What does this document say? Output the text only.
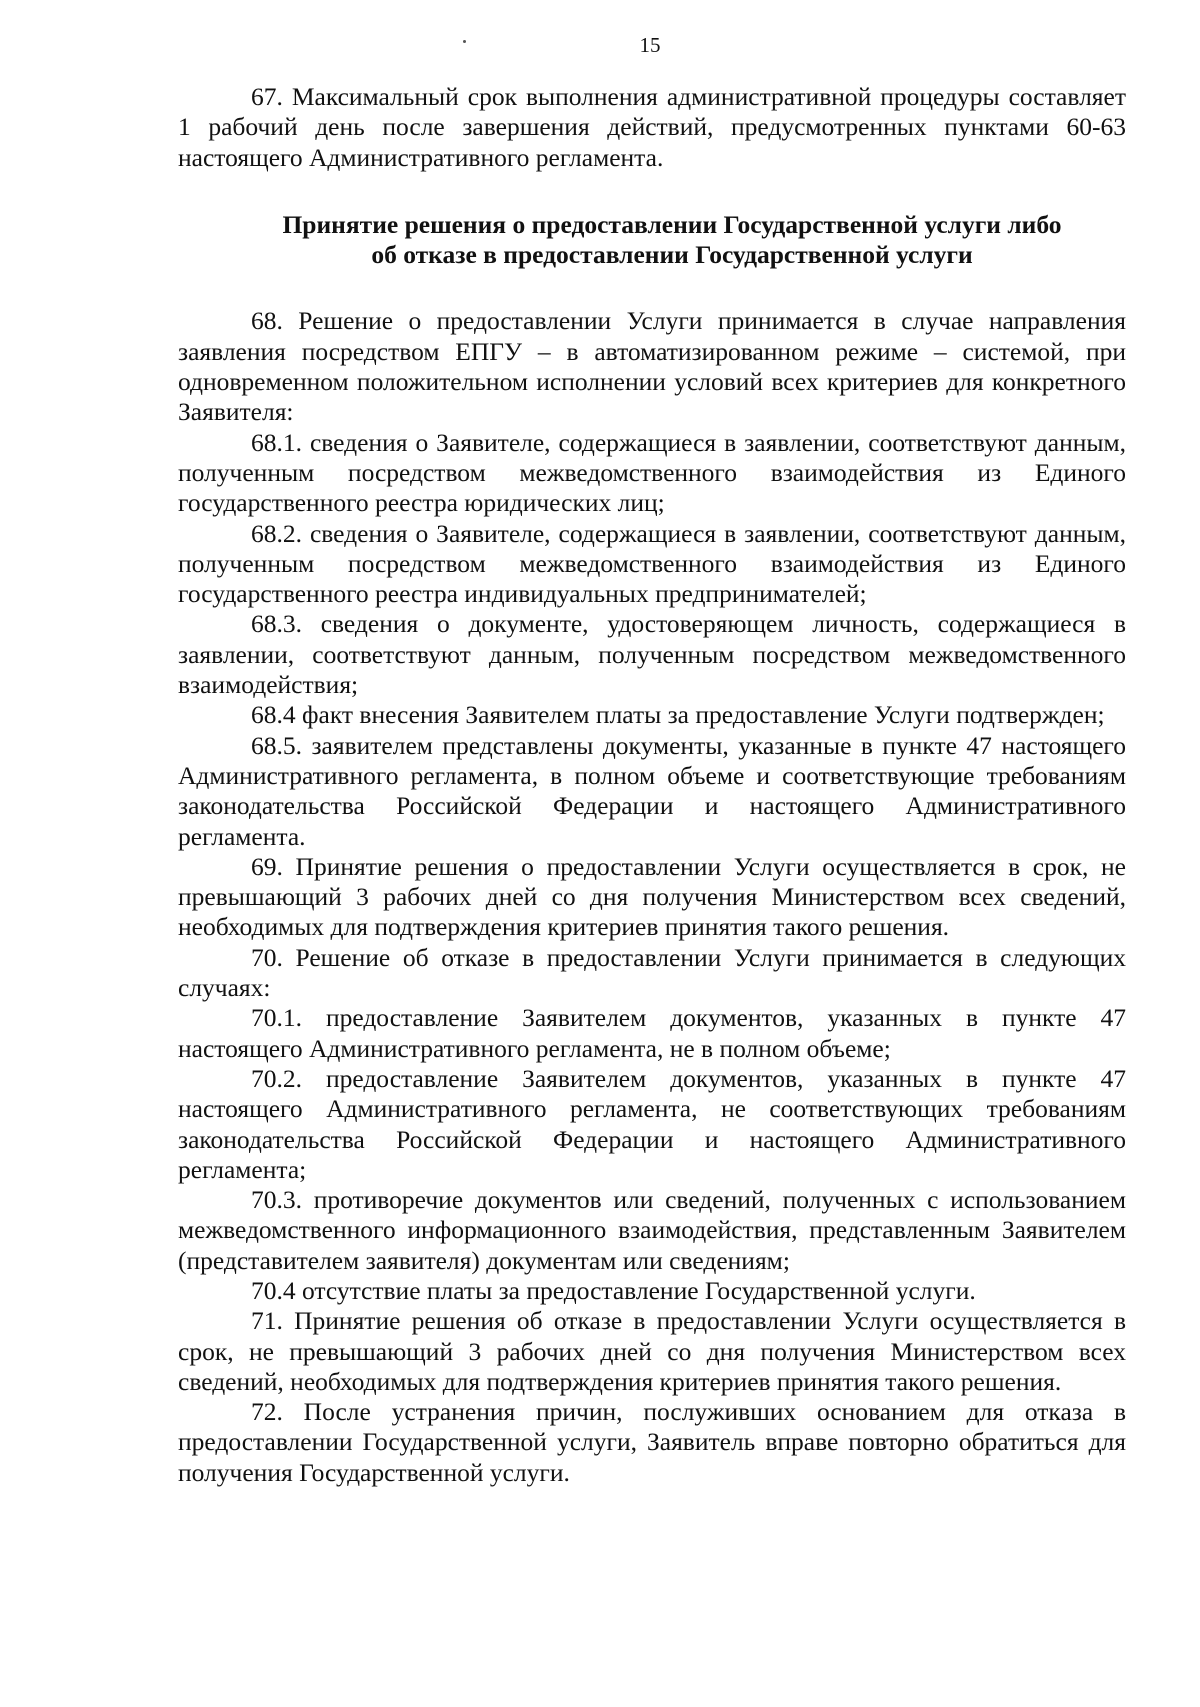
15

67. Максимальный срок выполнения административной процедуры составляет 1 рабочий день после завершения действий, предусмотренных пунктами 60-63 настоящего Административного регламента.

Принятие решения о предоставлении Государственной услуги либо
об отказе в предоставлении Государственной услуги

68. Решение о предоставлении Услуги принимается в случае направления заявления посредством ЕПГУ – в автоматизированном режиме – системой, при одновременном положительном исполнении условий всех критериев для конкретного Заявителя:

68.1. сведения о Заявителе, содержащиеся в заявлении, соответствуют данным, полученным посредством межведомственного взаимодействия из Единого государственного реестра юридических лиц;

68.2. сведения о Заявителе, содержащиеся в заявлении, соответствуют данным, полученным посредством межведомственного взаимодействия из Единого государственного реестра индивидуальных предпринимателей;

68.3. сведения о документе, удостоверяющем личность, содержащиеся в заявлении, соответствуют данным, полученным посредством межведомственного взаимодействия;

68.4 факт внесения Заявителем платы за предоставление Услуги подтвержден;

68.5. заявителем представлены документы, указанные в пункте 47 настоящего Административного регламента, в полном объеме и соответствующие требованиям законодательства Российской Федерации и настоящего Административного регламента.

69. Принятие решения о предоставлении Услуги осуществляется в срок, не превышающий 3 рабочих дней со дня получения Министерством всех сведений, необходимых для подтверждения критериев принятия такого решения.

70. Решение об отказе в предоставлении Услуги принимается в следующих случаях:

70.1. предоставление Заявителем документов, указанных в пункте 47 настоящего Административного регламента, не в полном объеме;

70.2. предоставление Заявителем документов, указанных в пункте 47 настоящего Административного регламента, не соответствующих требованиям законодательства Российской Федерации и настоящего Административного регламента;

70.3. противоречие документов или сведений, полученных с использованием межведомственного информационного взаимодействия, представленным Заявителем (представителем заявителя) документам или сведениям;

70.4 отсутствие платы за предоставление Государственной услуги.

71. Принятие решения об отказе в предоставлении Услуги осуществляется в срок, не превышающий 3 рабочих дней со дня получения Министерством всех сведений, необходимых для подтверждения критериев принятия такого решения.

72. После устранения причин, послуживших основанием для отказа в предоставлении Государственной услуги, Заявитель вправе повторно обратиться для получения Государственной услуги.
